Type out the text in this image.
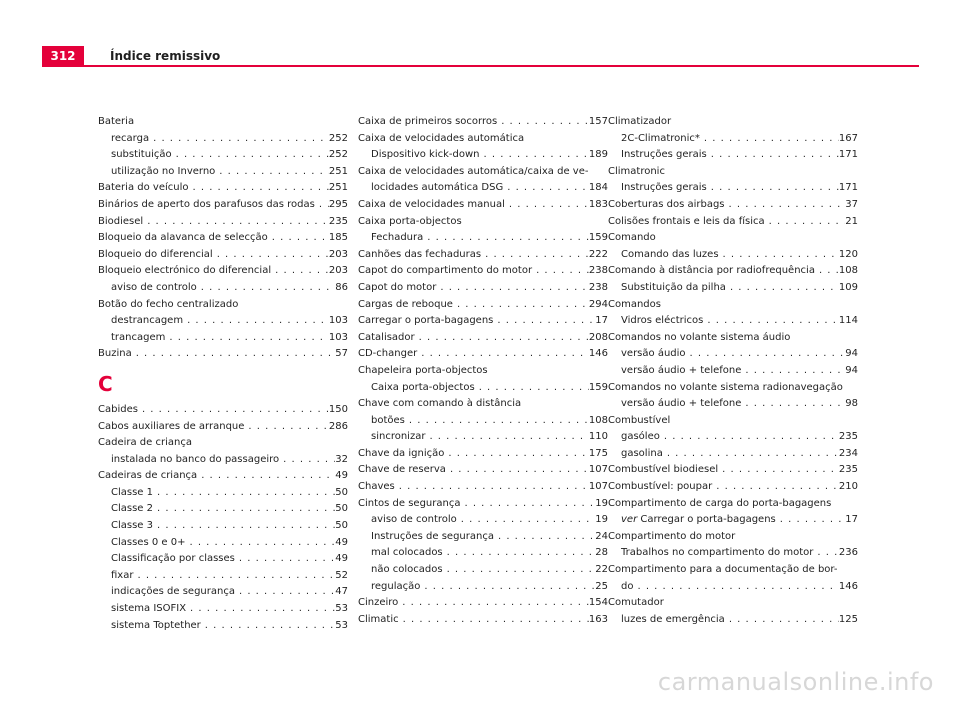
312	Índice remissivo
Bateria
recarga . . .	252
substituição . . .	252
utilização no Inverno . . .	251
Bateria do veículo . . .	251
Binários de aperto dos parafusos das rodas . . . 295
Biodiesel . . .	235
Bloqueio da alavanca de selecção . . .	185
Bloqueio do diferencial . . .	203
Bloqueio electrónico do diferencial . . .	203
aviso de controlo . . .	86
Botão do fecho centralizado
destrancagem . . .	103
trancagem . . .	103
Buzina . . .	57
C
Cabides . . .	150
Cabos auxiliares de arranque . . .	286
Cadeira de criança
instalada no banco do passageiro . . .	32
Cadeiras de criança . . .	49
Classe 1 . . .	50
Classe 2 . . .	50
Classe 3 . . .	50
Classes 0 e 0+ . . .	49
Classificação por classes . . .	49
fixar . . .	52
indicações de segurança . . .	47
sistema ISOFIX . . .	53
sistema Toptether . . .	53
Caixa de primeiros socorros . . .	157
Caixa de velocidades automática
Dispositivo kick-down . . .	189
Caixa de velocidades automática/caixa de ve-
locidades automática DSG . . .	184
Caixa de velocidades manual . . .	183
Caixa porta-objectos
Fechadura . . .	159
Canhões das fechaduras . . .	222
Capot do compartimento do motor . . .	238
Capot do motor . . .	238
Cargas de reboque . . .	294
Carregar o porta-bagagens . . .	17
Catalisador . . .	208
CD-changer . . .	146
Chapeleira porta-objectos
Caixa porta-objectos . . .	159
Chave com comando à distância
botões . . .	108
sincronizar . . .	110
Chave da ignição . . .	175
Chave de reserva . . .	107
Chaves . . .	107
Cintos de segurança . . .	19
aviso de controlo . . .	19
Instruções de segurança . . .	24
mal colocados . . .	28
não colocados . . .	22
regulação . . .	25
Cinzeiro . . .	154
Climatic . . .	163
Climatizador
2C-Climatronic* . . .	167
Instruções gerais . . .	171
Climatronic
Instruções gerais . . .	171
Coberturas dos airbags . . .	37
Colisões frontais e leis da física . . .	21
Comando
Comando das luzes . . .	120
Comando à distância por radiofrequência . . . 108
Substituição da pilha . . .	109
Comandos
Vidros eléctricos . . .	114
Comandos no volante sistema áudio
versão áudio . . .	94
versão áudio + telefone . . .	94
Comandos no volante sistema radionavegação
versão áudio + telefone . . .	98
Combustível
gasóleo . . .	235
gasolina . . .	234
Combustível biodiesel . . .	235
Combustível: poupar . . .	210
Compartimento de carga do porta-bagagens
ver Carregar o porta-bagagens . . .	17
Compartimento do motor
Trabalhos no compartimento do motor . . .	236
Compartimento para a documentação de bor-
do . . .	146
Comutador
luzes de emergência . . .	125
carmanualsonline.info
